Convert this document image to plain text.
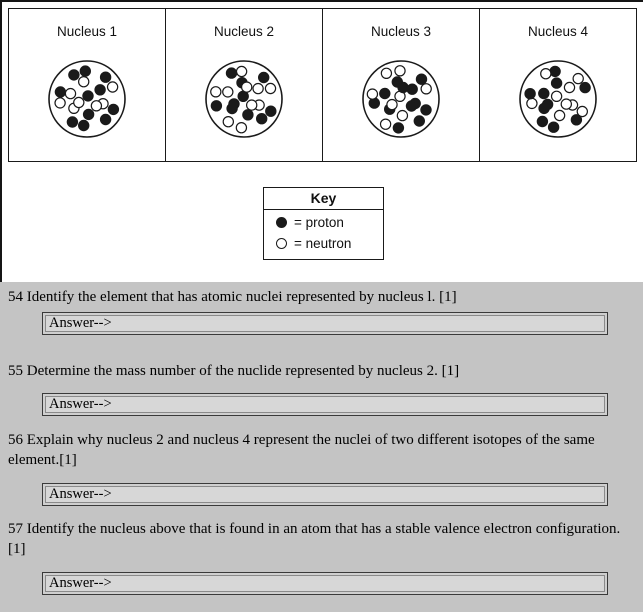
Nucleus 1	Nucleus 2	Nucleus 3	Nucleus 4
Key
= proton
= neutron
54 Identify the element that has atomic nuclei represented by nucleus l. [1]
Answer-->
55 Determine the mass number of the nuclide represented by nucleus 2. [1]
Answer-->
56 Explain why nucleus 2 and nucleus 4 represent the nuclei of two different isotopes of the same element.[1]
Answer-->
57 Identify the nucleus above that is found in an atom that has a stable valence electron configuration. [1]
Answer-->
